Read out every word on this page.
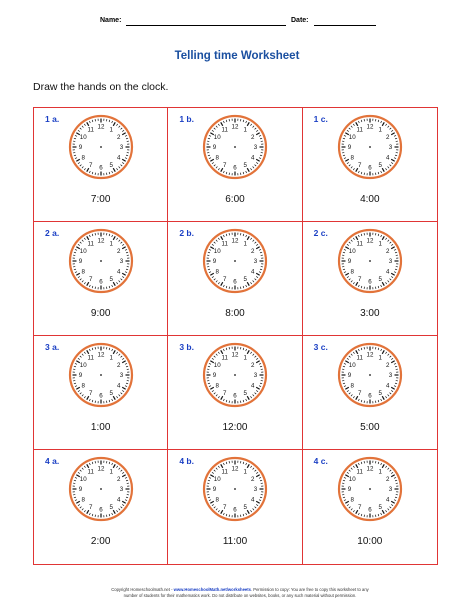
Name:	Date:
Telling time Worksheet
Draw the hands on the clock.
1 a.
12 1
2
3
4
5
6
7
8
9
10
11
7:00
1 b.
12 1
2
3
4
5
6
7
8
9
10
11
6:00
1 c.
12 1
2
3
4
5
6
7
8
9
10
11
4:00
2 a.
12 1
2
3
4
5
6
7
8
9
10
11
9:00
2 b.
12 1
2
3
4
5
6
7
8
9
10
11
8:00
2 c.
12 1
2
3
4
5
6
7
8
9
10
11
3:00
3 a.
12 1
2
3
4
5
6
7
8
9
10
11
1:00
3 b.
12 1
2
3
4
5
6
7
8
9
10
11
12:00
3 c.
12 1
2
3
4
5
6
7
8
9
10
11
5:00
4 a.
12 1
2
3
4
5
6
7
8
9
10
11
2:00
4 b.
12 1
2
3
4
5
6
7
8
9
10
11
11:00
4 c.
12 1
2
3
4
5
6
7
8
9
10
11
10:00
Copyright Homeschoolmath.net - www.HomeschoolMath.net/worksheets. Permission to copy: You are free to copy this worksheet to any
number of students for their mathematics work. Do not distribute on websites, books, or any such material without permission.
